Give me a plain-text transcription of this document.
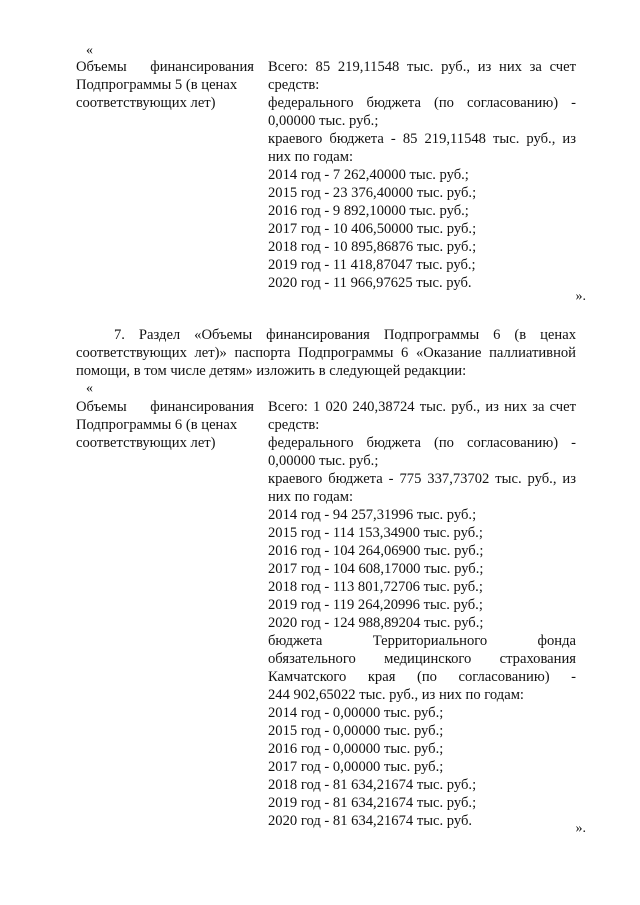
«
Объемы финансирования
Подпрограммы 5 (в ценах
соответствующих лет)

Всего: 85 219,11548 тыс. руб., из них за счет средств:

федерального бюджета (по согласованию) - 0,00000 тыс. руб.;

краевого бюджета - 85 219,11548 тыс. руб., из них по годам:

2014 год - 7 262,40000 тыс. руб.;

2015 год - 23 376,40000 тыс. руб.;

2016 год - 9 892,10000 тыс. руб.;

2017 год - 10 406,50000 тыс. руб.;

2018 год - 10 895,86876 тыс. руб.;

2019 год - 11 418,87047 тыс. руб.;

2020 год - 11 966,97625 тыс. руб.

».
7. Раздел «Объемы финансирования Подпрограммы 6 (в ценах
соответствующих лет)» паспорта Подпрограммы 6 «Оказание паллиативной
помощи, в том числе детям» изложить в следующей редакции:
«
Объемы финансирования
Подпрограммы 6 (в ценах
соответствующих лет)

Всего: 1 020 240,38724 тыс. руб., из них за счет средств:

федерального бюджета (по согласованию) - 0,00000 тыс. руб.;

краевого бюджета - 775 337,73702 тыс. руб., из них по годам:

2014 год - 94 257,31996 тыс. руб.;

2015 год - 114 153,34900 тыс. руб.;

2016 год - 104 264,06900 тыс. руб.;

2017 год - 104 608,17000 тыс. руб.;

2018 год - 113 801,72706 тыс. руб.;

2019 год - 119 264,20996 тыс. руб.;

2020 год - 124 988,89204 тыс. руб.;

бюджета Территориального фонда

обязательного медицинского страхования

Камчатского края (по согласованию) -

244 902,65022 тыс. руб., из них по годам:

2014 год - 0,00000 тыс. руб.;

2015 год - 0,00000 тыс. руб.;

2016 год - 0,00000 тыс. руб.;

2017 год - 0,00000 тыс. руб.;

2018 год - 81 634,21674 тыс. руб.;

2019 год - 81 634,21674 тыс. руб.;

2020 год - 81 634,21674 тыс. руб.	».
